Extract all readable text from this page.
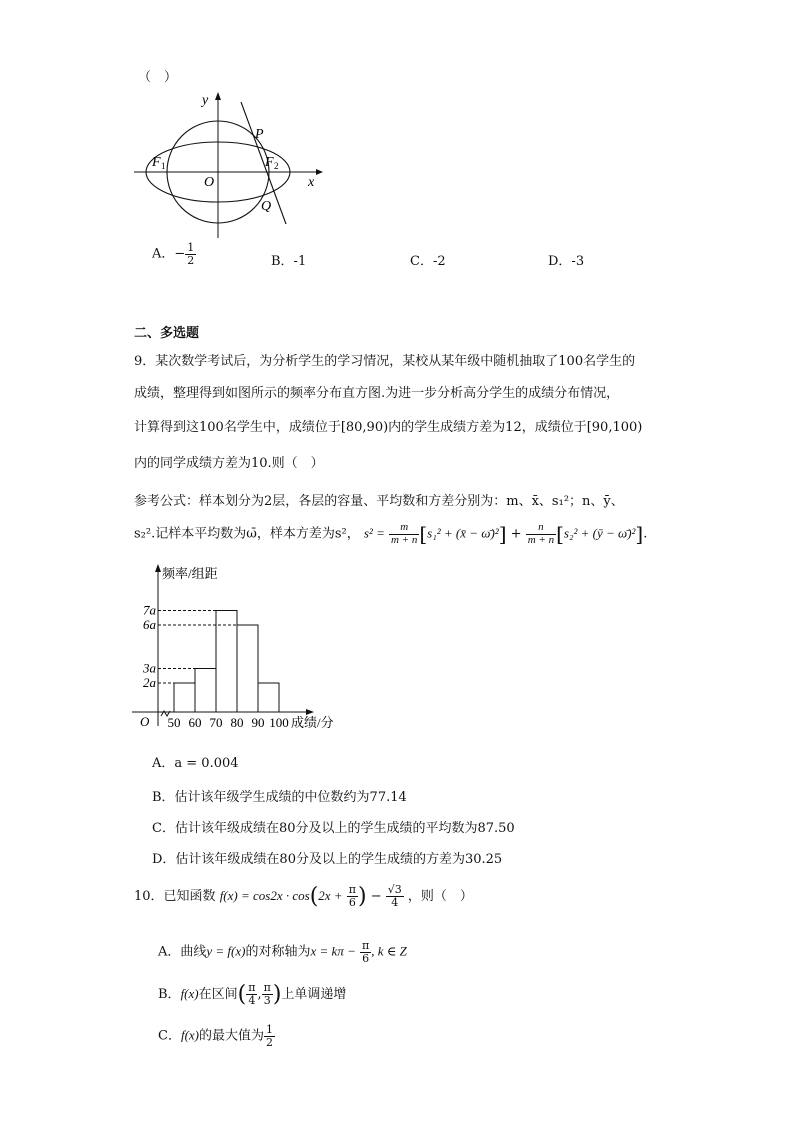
（　）
y
x
O
P
Q
F 1	F 2
A．− $\frac{1}{2}$	B．-1	C．-2	D．-3
二、多选题
9．某次数学考试后，为分析学生的学习情况，某校从某年级中随机抽取了100名学生的
成绩，整理得到如图所示的频率分布直方图.为进一步分析高分学生的成绩分布情况，
计算得到这100名学生中，成绩位于[80,90)内的学生成绩方差为12，成绩位于[90,100)
内的同学成绩方差为10.则（　）
参考公式：样本划分为2层，各层的容量、平均数和方差分别为：m、x̄、s₁²；n、ȳ、
s₂².记样本平均数为ω̄，样本方差为s²， $s^2 = \frac{m}{m + n} [s_1^2$ + (x̄ − ω̄)²] + $\frac{n}{m + n} [s_2^2$ + (ȳ − ω̄)²].
频率/组距
O
2a
3a
6a
7a
50 60 70 80 90 100 成绩/分
A．a = 0.004
B．估计该年级学生成绩的中位数约为77.14
C．估计该年级成绩在80分及以上的学生成绩的平均数为87.50
D．估计该年级成绩在80分及以上的学生成绩的方差为30.25
10．已知函数 $f(x) = \cos 2x \cdot \cos(2x + \frac{\pi}{6}$ ) − $\frac{√3}{4}$ ，则（　）
A．曲线y = f(x)的对称轴为$x = k\pi - \frac{\pi}{6}$ , k ∈ Z
B．f(x)在区间( $\frac{\pi}{4}$ , $\frac{\pi}{3}$ )上单调递增
C．f(x)的最大值为 $\frac{1}{2}$
